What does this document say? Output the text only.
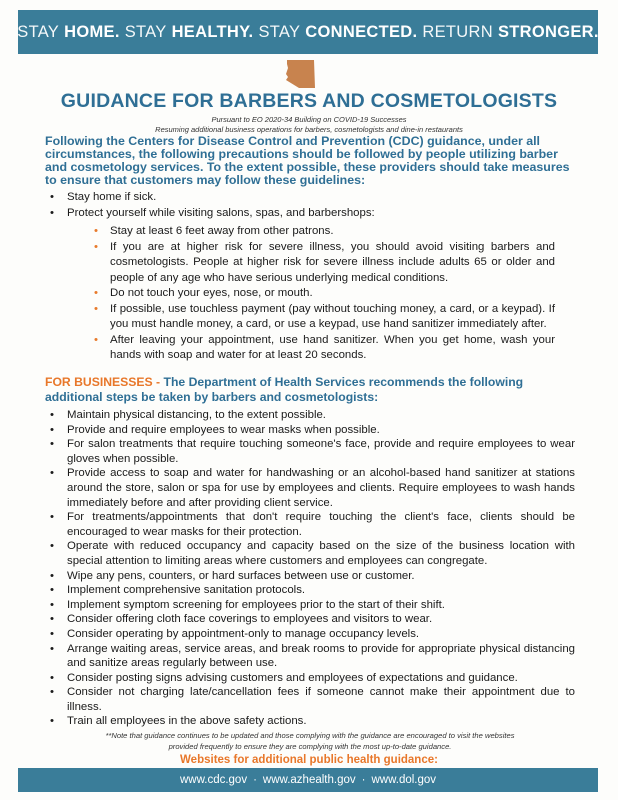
STAY HOME. STAY HEALTHY. STAY CONNECTED. RETURN STRONGER.
GUIDANCE FOR BARBERS AND COSMETOLOGISTS
Pursuant to EO 2020-34 Building on COVID-19 Successes
Resuming additional business operations for barbers, cosmetologists and dine-in restaurants

Following the Centers for Disease Control and Prevention (CDC) guidance, under all circumstances, the following precautions should be followed by people utilizing barber and cosmetology services. To the extent possible, these providers should take measures to ensure that customers may follow these guidelines:

• Stay home if sick.
• Protect yourself while visiting salons, spas, and barbershops:
• Stay at least 6 feet away from other patrons.
• If you are at higher risk for severe illness, you should avoid visiting barbers and cosmetologists. People at higher risk for severe illness include adults 65 or older and people of any age who have serious underlying medical conditions.
• Do not touch your eyes, nose, or mouth.
• If possible, use touchless payment (pay without touching money, a card, or a keypad). If you must handle money, a card, or use a keypad, use hand sanitizer immediately after.
• After leaving your appointment, use hand sanitizer. When you get home, wash your hands with soap and water for at least 20 seconds.

FOR BUSINESSES - The Department of Health Services recommends the following additional steps be taken by barbers and cosmetologists:

• Maintain physical distancing, to the extent possible.
• Provide and require employees to wear masks when possible.
• For salon treatments that require touching someone's face, provide and require employees to wear gloves when possible.
• Provide access to soap and water for handwashing or an alcohol-based hand sanitizer at stations around the store, salon or spa for use by employees and clients. Require employees to wash hands immediately before and after providing client service.
• For treatments/appointments that don't require touching the client's face, clients should be encouraged to wear masks for their protection.
• Operate with reduced occupancy and capacity based on the size of the business location with special attention to limiting areas where customers and employees can congregate.
• Wipe any pens, counters, or hard surfaces between use or customer.
• Implement comprehensive sanitation protocols.
• Implement symptom screening for employees prior to the start of their shift.
• Consider offering cloth face coverings to employees and visitors to wear.
• Consider operating by appointment-only to manage occupancy levels.
• Arrange waiting areas, service areas, and break rooms to provide for appropriate physical distancing and sanitize areas regularly between use.
• Consider posting signs advising customers and employees of expectations and guidance.
• Consider not charging late/cancellation fees if someone cannot make their appointment due to illness.
• Train all employees in the above safety actions.

**Note that guidance continues to be updated and those complying with the guidance are encouraged to visit the websites provided frequently to ensure they are complying with the most up-to-date guidance.

Websites for additional public health guidance:
www.cdc.gov · www.azhealth.gov · www.dol.gov
